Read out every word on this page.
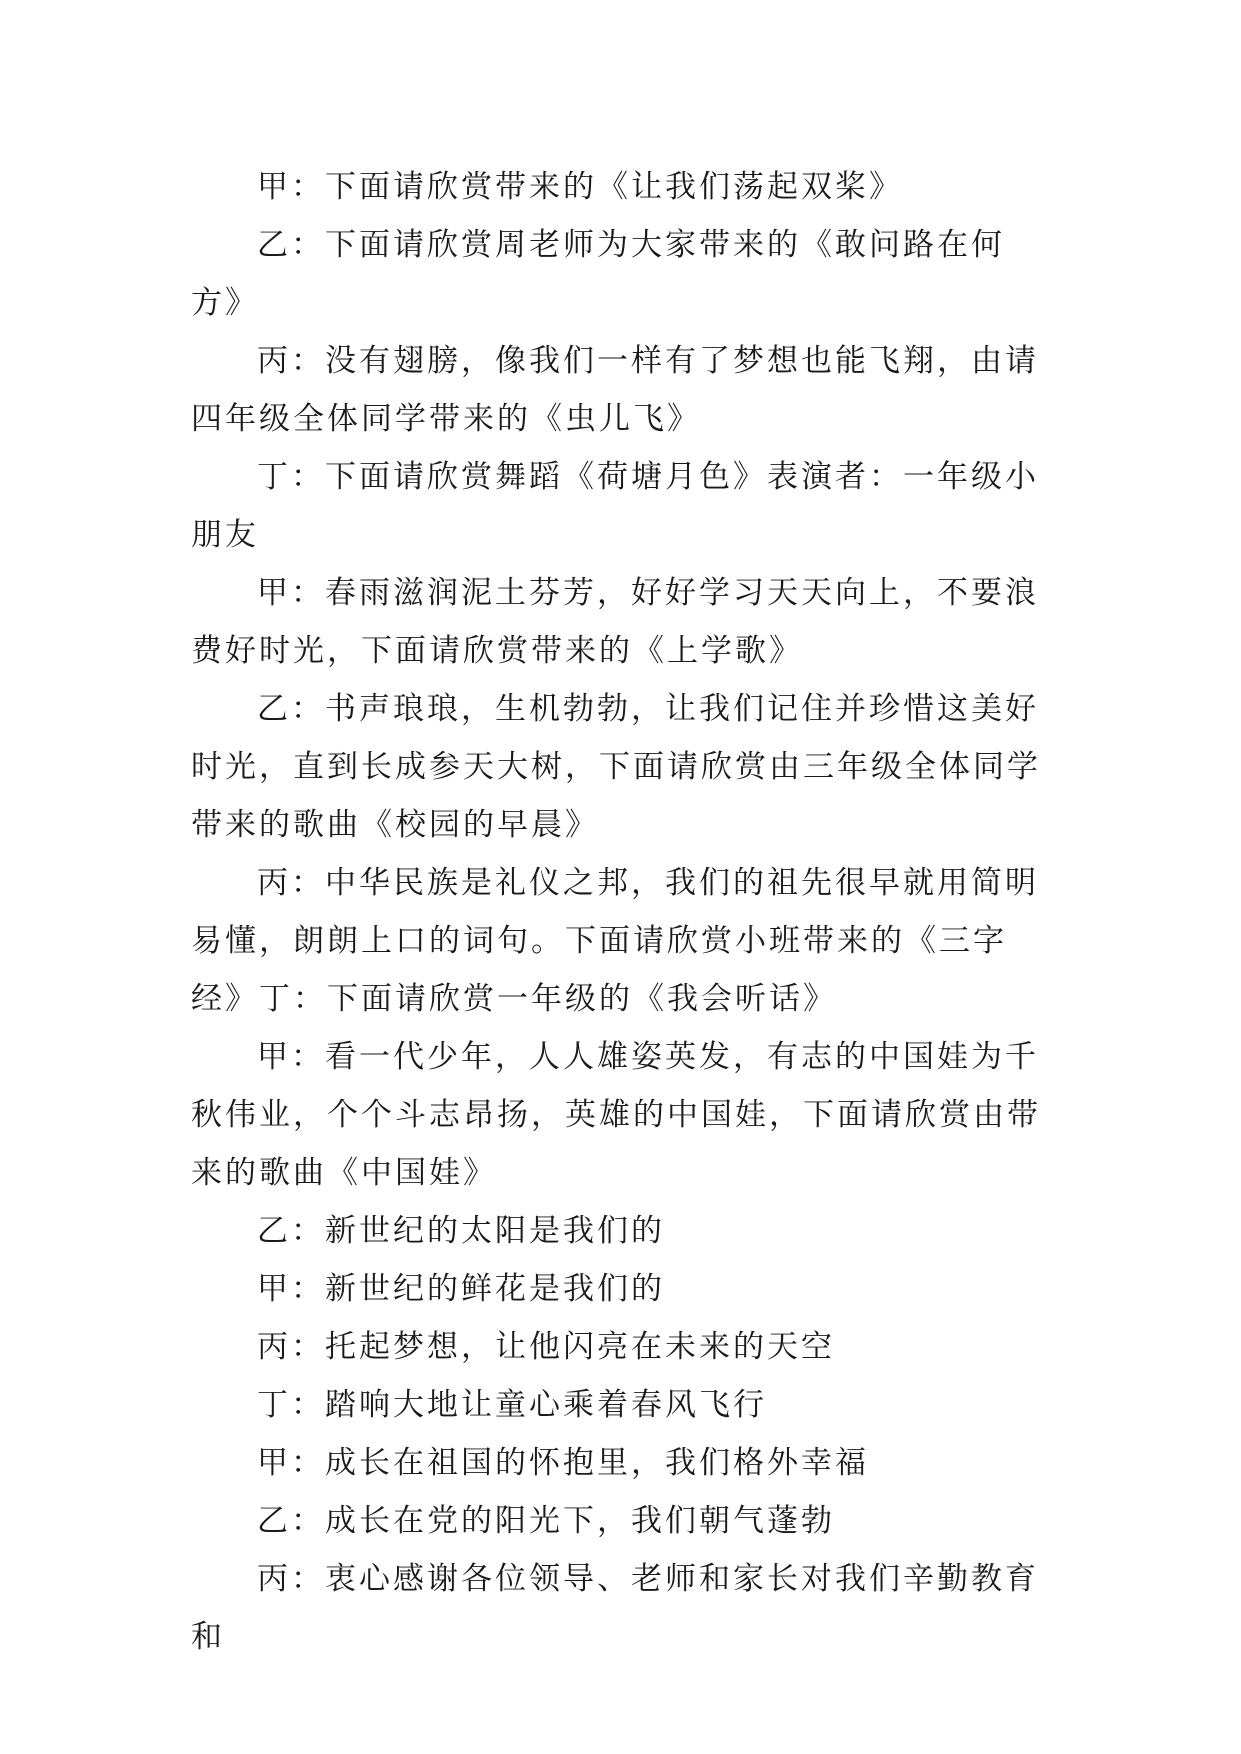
甲：下面请欣赏带来的《让我们荡起双桨》

乙：下面请欣赏周老师为大家带来的《敢问路在何方》

丙：没有翅膀，像我们一样有了梦想也能飞翔，由请四年级全体同学带来的《虫儿飞》

丁：下面请欣赏舞蹈《荷塘月色》表演者：一年级小朋友

甲：春雨滋润泥土芬芳，好好学习天天向上，不要浪费好时光，下面请欣赏带来的《上学歌》

乙：书声琅琅，生机勃勃，让我们记住并珍惜这美好时光，直到长成参天大树，下面请欣赏由三年级全体同学带来的歌曲《校园的早晨》

丙：中华民族是礼仪之邦，我们的祖先很早就用简明易懂，朗朗上口的词句。下面请欣赏小班带来的《三字经》丁：下面请欣赏一年级的《我会听话》

甲：看一代少年，人人雄姿英发，有志的中国娃为千秋伟业，个个斗志昂扬，英雄的中国娃，下面请欣赏由带来的歌曲《中国娃》

乙：新世纪的太阳是我们的

甲：新世纪的鲜花是我们的

丙：托起梦想，让他闪亮在未来的天空

丁：踏响大地让童心乘着春风飞行

甲：成长在祖国的怀抱里，我们格外幸福

乙：成长在党的阳光下，我们朝气蓬勃

丙：衷心感谢各位领导、老师和家长对我们辛勤教育和
